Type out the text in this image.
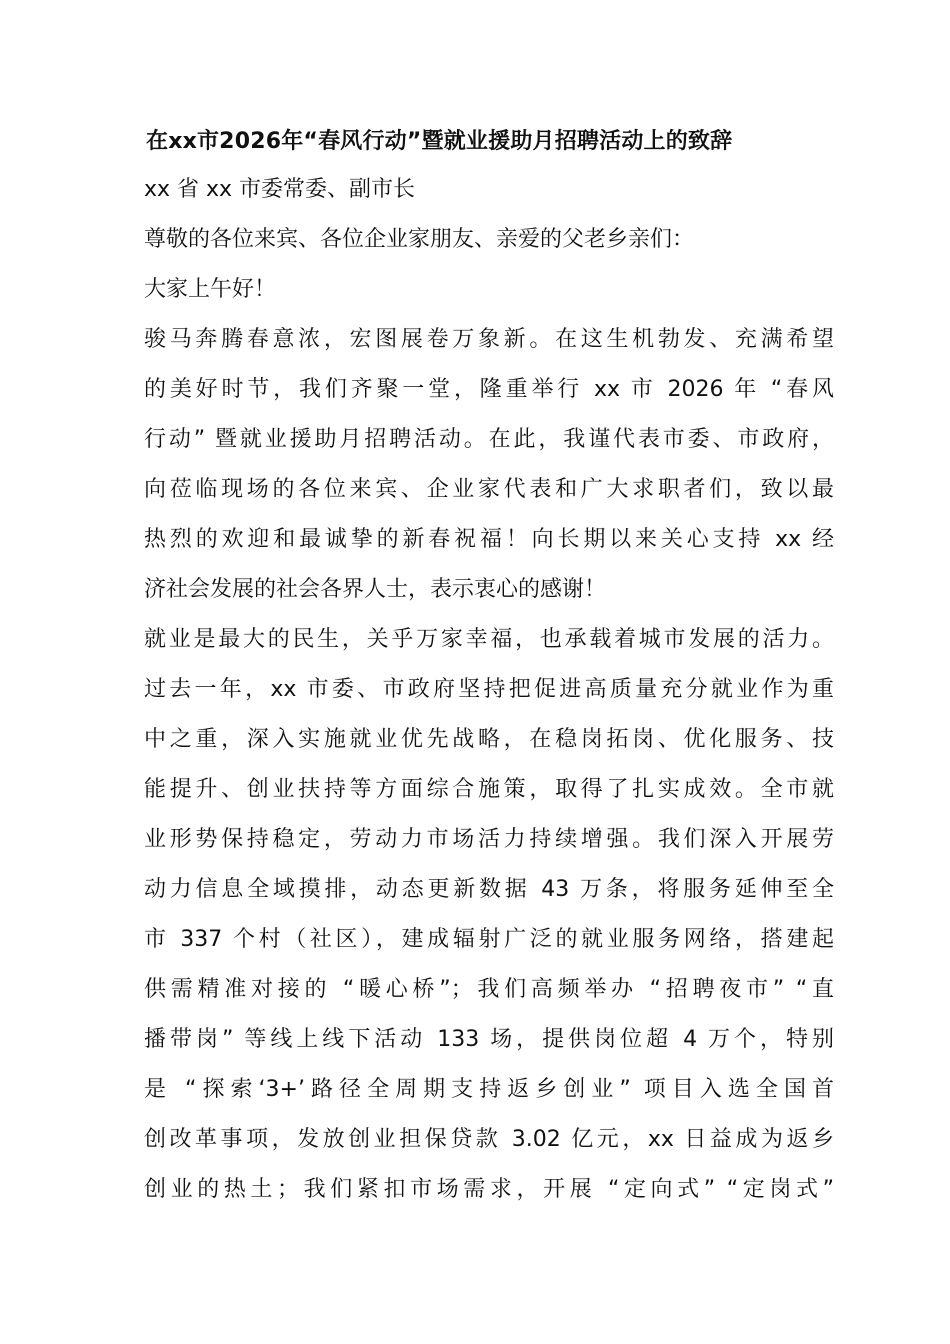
在xx市2026年“春风行动”暨就业援助月招聘活动上的致辞
xx 省 xx 市委常委、副市长
尊敬的各位来宾、各位企业家朋友、亲爱的父老乡亲们：
大家上午好！
骏马奔腾春意浓，宏图展卷万象新。在这生机勃发、充满希望
的美好时节，我们齐聚一堂，隆重举行 xx 市 2026 年 “春风
行动” 暨就业援助月招聘活动。在此，我谨代表市委、市政府，
向莅临现场的各位来宾、企业家代表和广大求职者们，致以最
热烈的欢迎和最诚挚的新春祝福！向长期以来关心支持 xx 经
济社会发展的社会各界人士，表示衷心的感谢！
就业是最大的民生，关乎万家幸福，也承载着城市发展的活力。
过去一年，xx 市委、市政府坚持把促进高质量充分就业作为重
中之重，深入实施就业优先战略，在稳岗拓岗、优化服务、技
能提升、创业扶持等方面综合施策，取得了扎实成效。全市就
业形势保持稳定，劳动力市场活力持续增强。我们深入开展劳
动力信息全域摸排，动态更新数据 43 万条，将服务延伸至全
市 337 个村（社区），建成辐射广泛的就业服务网络，搭建起
供需精准对接的 “暖心桥”；我们高频举办 “招聘夜市” “直
播带岗” 等线上线下活动 133 场，提供岗位超 4 万个，特别
是 “探索‘3+’路径全周期支持返乡创业” 项目入选全国首
创改革事项，发放创业担保贷款 3.02 亿元，xx 日益成为返乡
创业的热土；我们紧扣市场需求，开展 “定向式” “定岗式”
